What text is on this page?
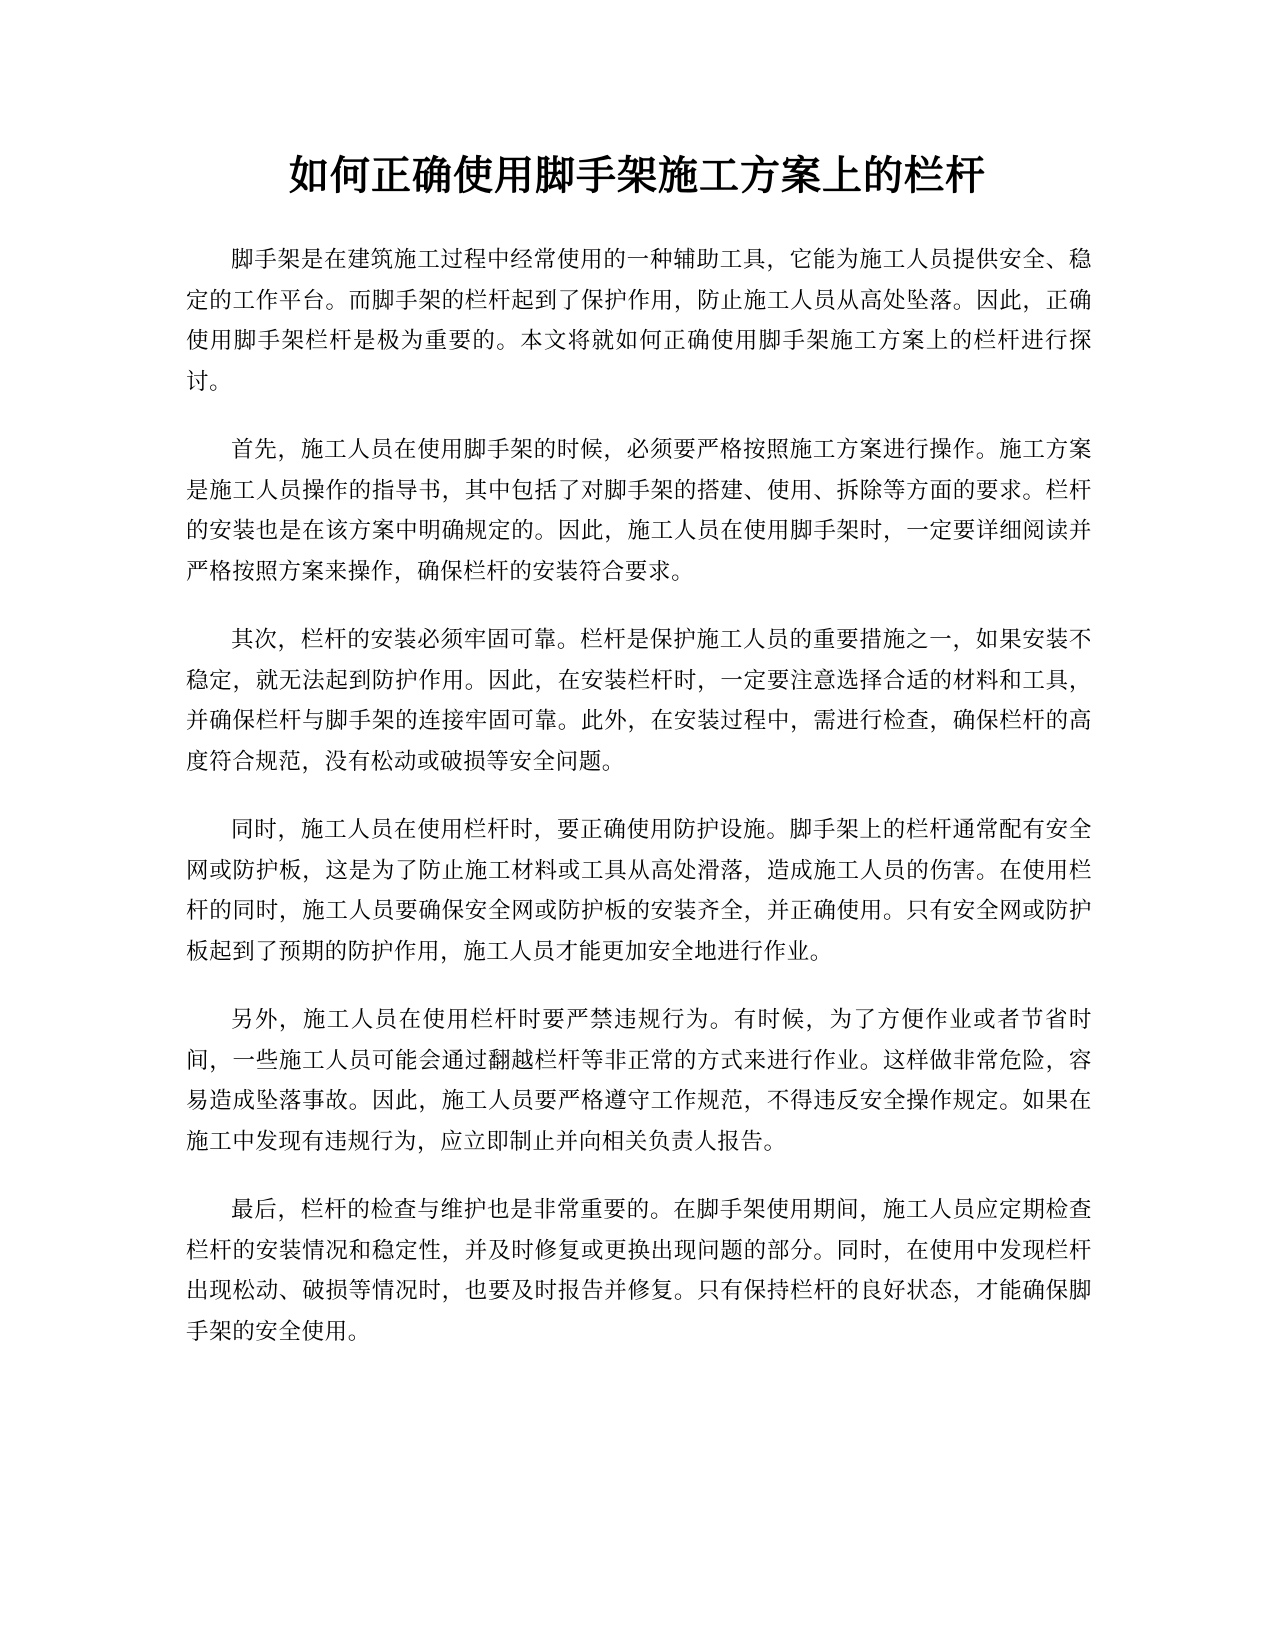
如何正确使用脚手架施工方案上的栏杆

脚手架是在建筑施工过程中经常使用的一种辅助工具，它能为施工人员提供安全、稳定的工作平台。而脚手架的栏杆起到了保护作用，防止施工人员从高处坠落。因此，正确使用脚手架栏杆是极为重要的。本文将就如何正确使用脚手架施工方案上的栏杆进行探讨。

首先，施工人员在使用脚手架的时候，必须要严格按照施工方案进行操作。施工方案是施工人员操作的指导书，其中包括了对脚手架的搭建、使用、拆除等方面的要求。栏杆的安装也是在该方案中明确规定的。因此，施工人员在使用脚手架时，一定要详细阅读并严格按照方案来操作，确保栏杆的安装符合要求。

其次，栏杆的安装必须牢固可靠。栏杆是保护施工人员的重要措施之一，如果安装不稳定，就无法起到防护作用。因此，在安装栏杆时，一定要注意选择合适的材料和工具，并确保栏杆与脚手架的连接牢固可靠。此外，在安装过程中，需进行检查，确保栏杆的高度符合规范，没有松动或破损等安全问题。

同时，施工人员在使用栏杆时，要正确使用防护设施。脚手架上的栏杆通常配有安全网或防护板，这是为了防止施工材料或工具从高处滑落，造成施工人员的伤害。在使用栏杆的同时，施工人员要确保安全网或防护板的安装齐全，并正确使用。只有安全网或防护板起到了预期的防护作用，施工人员才能更加安全地进行作业。

另外，施工人员在使用栏杆时要严禁违规行为。有时候，为了方便作业或者节省时间，一些施工人员可能会通过翻越栏杆等非正常的方式来进行作业。这样做非常危险，容易造成坠落事故。因此，施工人员要严格遵守工作规范，不得违反安全操作规定。如果在施工中发现有违规行为，应立即制止并向相关负责人报告。

最后，栏杆的检查与维护也是非常重要的。在脚手架使用期间，施工人员应定期检查栏杆的安装情况和稳定性，并及时修复或更换出现问题的部分。同时，在使用中发现栏杆出现松动、破损等情况时，也要及时报告并修复。只有保持栏杆的良好状态，才能确保脚手架的安全使用。
